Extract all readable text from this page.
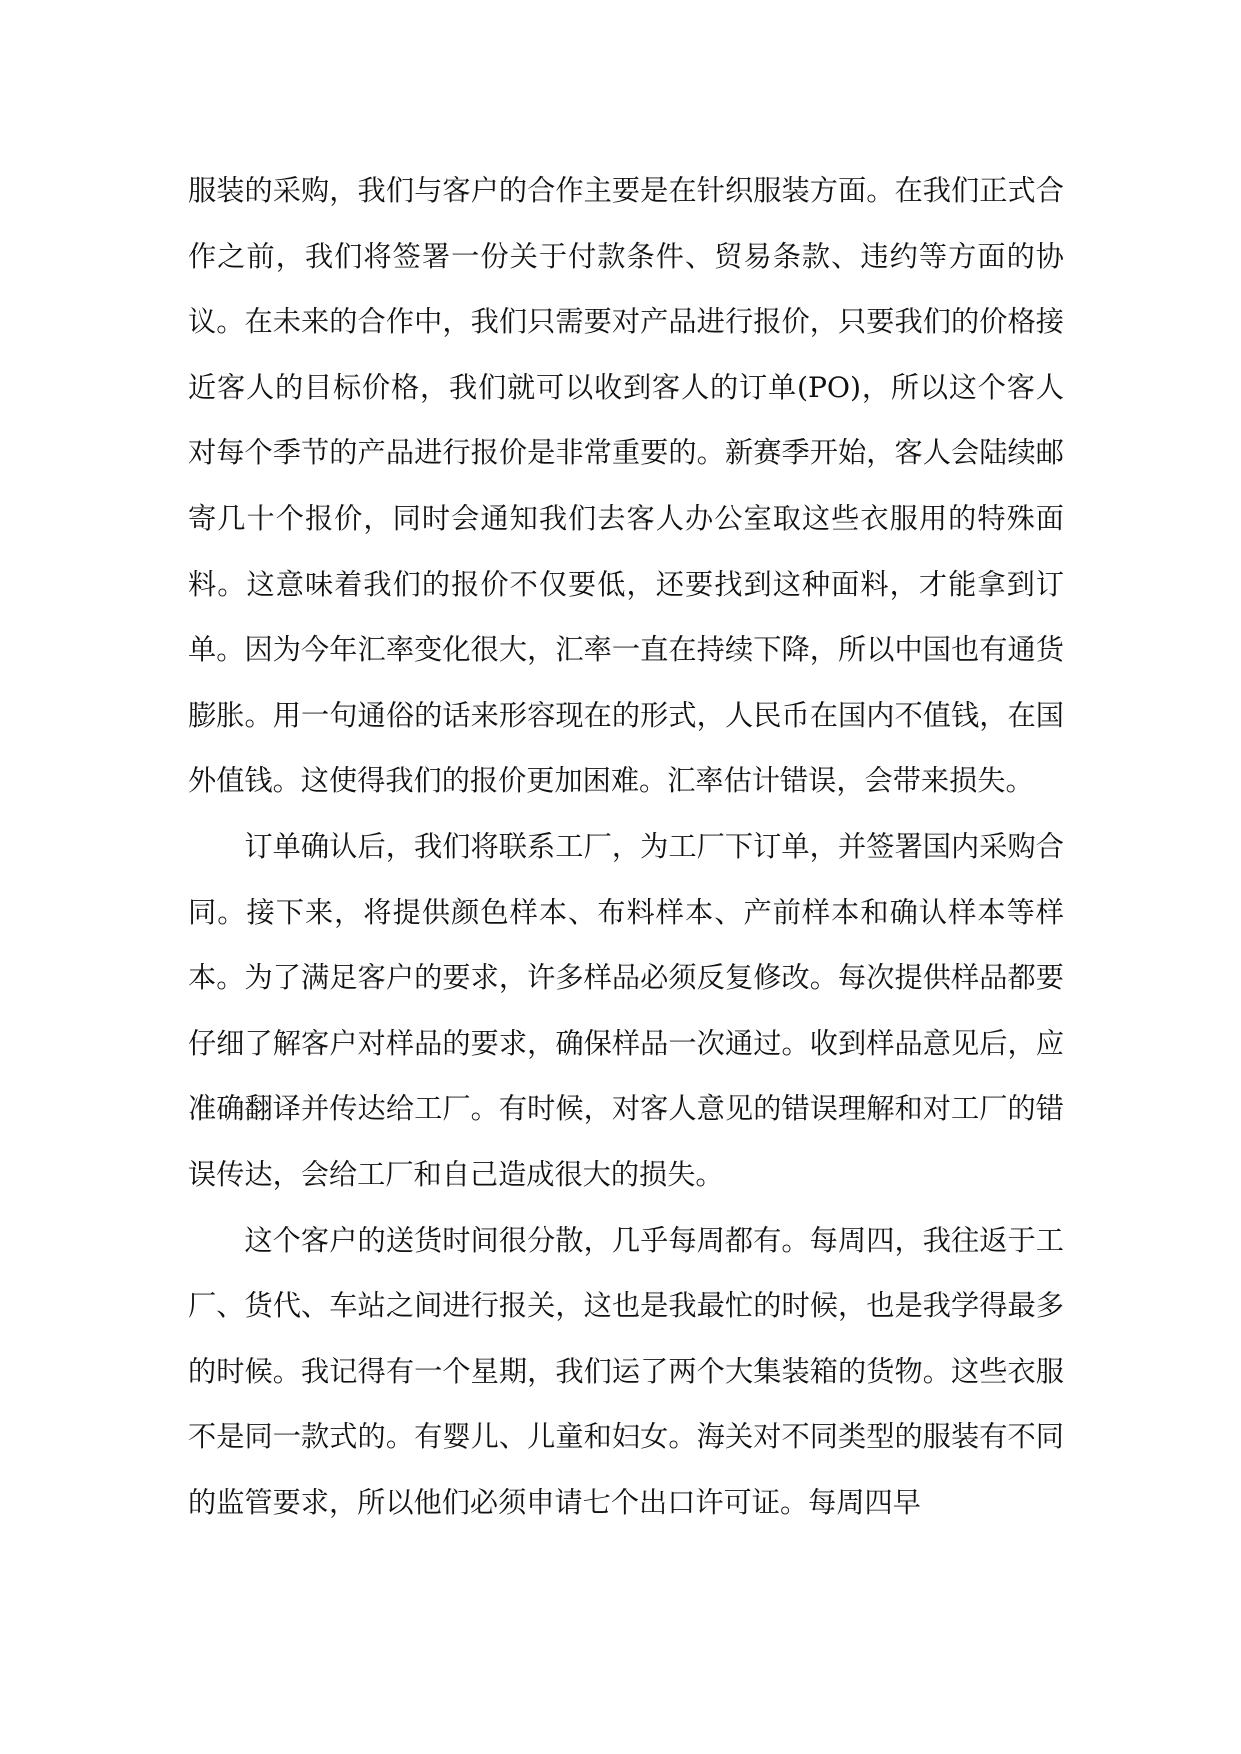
服装的采购，我们与客户的合作主要是在针织服装方面。在我们正式合作之前，我们将签署一份关于付款条件、贸易条款、违约等方面的协议。在未来的合作中，我们只需要对产品进行报价，只要我们的价格接近客人的目标价格，我们就可以收到客人的订单(PO)，所以这个客人对每个季节的产品进行报价是非常重要的。新赛季开始，客人会陆续邮寄几十个报价，同时会通知我们去客人办公室取这些衣服用的特殊面料。这意味着我们的报价不仅要低，还要找到这种面料，才能拿到订单。因为今年汇率变化很大，汇率一直在持续下降，所以中国也有通货膨胀。用一句通俗的话来形容现在的形式，人民币在国内不值钱，在国外值钱。这使得我们的报价更加困难。汇率估计错误，会带来损失。

订单确认后，我们将联系工厂，为工厂下订单，并签署国内采购合同。接下来，将提供颜色样本、布料样本、产前样本和确认样本等样本。为了满足客户的要求，许多样品必须反复修改。每次提供样品都要仔细了解客户对样品的要求，确保样品一次通过。收到样品意见后，应准确翻译并传达给工厂。有时候，对客人意见的错误理解和对工厂的错误传达，会给工厂和自己造成很大的损失。

这个客户的送货时间很分散，几乎每周都有。每周四，我往返于工厂、货代、车站之间进行报关，这也是我最忙的时候，也是我学得最多的时候。我记得有一个星期，我们运了两个大集装箱的货物。这些衣服不是同一款式的。有婴儿、儿童和妇女。海关对不同类型的服装有不同的监管要求，所以他们必须申请七个出口许可证。每周四早
